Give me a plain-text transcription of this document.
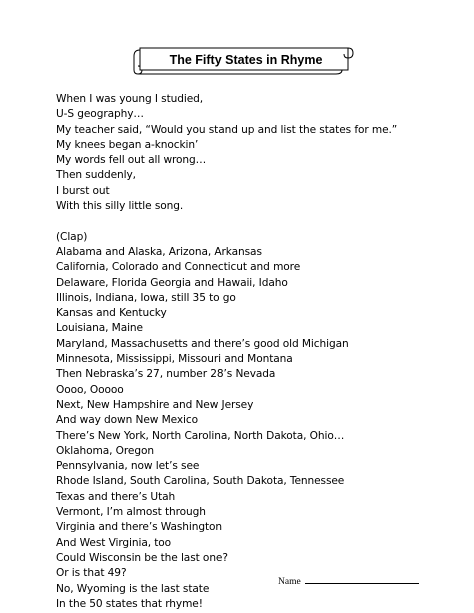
The Fifty States in Rhyme
When I was young I studied,
U-S geography…
My teacher said, “Would you stand up and list the states for me.”
My knees began a-knockin’
My words fell out all wrong…
Then suddenly,
I burst out
With this silly little song.
(Clap)
Alabama and Alaska, Arizona, Arkansas
California, Colorado and Connecticut and more
Delaware, Florida Georgia and Hawaii, Idaho
Illinois, Indiana, Iowa, still 35 to go
Kansas and Kentucky
Louisiana, Maine
Maryland, Massachusetts and there’s good old Michigan
Minnesota, Mississippi, Missouri and Montana
Then Nebraska’s 27, number 28’s Nevada
Oooo, Ooooo
Next, New Hampshire and New Jersey
And way down New Mexico
There’s New York, North Carolina, North Dakota, Ohio…
Oklahoma, Oregon
Pennsylvania, now let’s see
Rhode Island, South Carolina, South Dakota, Tennessee
Texas and there’s Utah
Vermont, I’m almost through
Virginia and there’s Washington
And West Virginia, too
Could Wisconsin be the last one?
Or is that 49?
No, Wyoming is the last state
In the 50 states that rhyme!
Name
